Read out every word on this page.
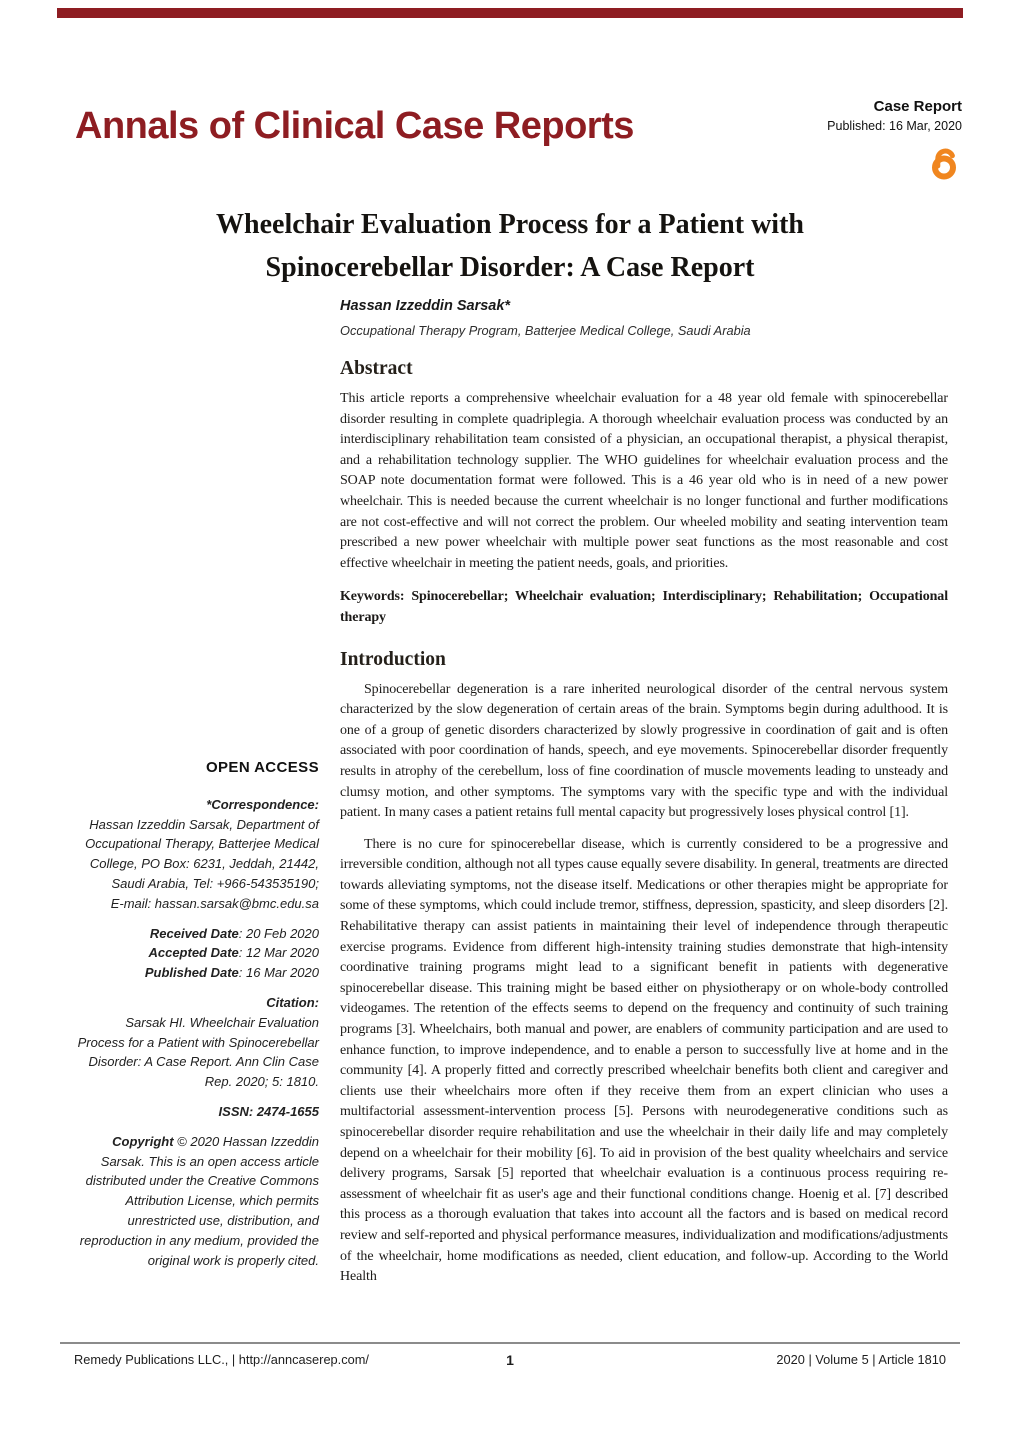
Annals of Clinical Case Reports	Case Report
Published: 16 Mar, 2020
Wheelchair Evaluation Process for a Patient with
Spinocerebellar Disorder: A Case Report
Hassan Izzeddin Sarsak*
Occupational Therapy Program, Batterjee Medical College, Saudi Arabia
Abstract

This article reports a comprehensive wheelchair evaluation for a 48 year old female with spinocerebellar disorder resulting in complete quadriplegia. A thorough wheelchair evaluation process was conducted by an interdisciplinary rehabilitation team consisted of a physician, an occupational therapist, a physical therapist, and a rehabilitation technology supplier. The WHO guidelines for wheelchair evaluation process and the SOAP note documentation format were followed. This is a 46 year old who is in need of a new power wheelchair. This is needed because the current wheelchair is no longer functional and further modifications are not cost-effective and will not correct the problem. Our wheeled mobility and seating intervention team prescribed a new power wheelchair with multiple power seat functions as the most reasonable and cost effective wheelchair in meeting the patient needs, goals, and priorities.

Keywords: Spinocerebellar; Wheelchair evaluation; Interdisciplinary; Rehabilitation; Occupational therapy

Introduction

Spinocerebellar degeneration is a rare inherited neurological disorder of the central nervous system characterized by the slow degeneration of certain areas of the brain. Symptoms begin during adulthood. It is one of a group of genetic disorders characterized by slowly progressive in coordination of gait and is often associated with poor coordination of hands, speech, and eye movements. Spinocerebellar disorder frequently results in atrophy of the cerebellum, loss of fine coordination of muscle movements leading to unsteady and clumsy motion, and other symptoms. The symptoms vary with the specific type and with the individual patient. In many cases a patient retains full mental capacity but progressively loses physical control [1].

There is no cure for spinocerebellar disease, which is currently considered to be a progressive and irreversible condition, although not all types cause equally severe disability. In general, treatments are directed towards alleviating symptoms, not the disease itself. Medications or other therapies might be appropriate for some of these symptoms, which could include tremor, stiffness, depression, spasticity, and sleep disorders [2]. Rehabilitative therapy can assist patients in maintaining their level of independence through therapeutic exercise programs. Evidence from different high-intensity training studies demonstrate that high-intensity coordinative training programs might lead to a significant benefit in patients with degenerative spinocerebellar disease. This training might be based either on physiotherapy or on whole-body controlled videogames. The retention of the effects seems to depend on the frequency and continuity of such training programs [3]. Wheelchairs, both manual and power, are enablers of community participation and are used to enhance function, to improve independence, and to enable a person to successfully live at home and in the community [4]. A properly fitted and correctly prescribed wheelchair benefits both client and caregiver and clients use their wheelchairs more often if they receive them from an expert clinician who uses a multifactorial assessment-intervention process [5]. Persons with neurodegenerative conditions such as spinocerebellar disorder require rehabilitation and use the wheelchair in their daily life and may completely depend on a wheelchair for their mobility [6]. To aid in provision of the best quality wheelchairs and service delivery programs, Sarsak [5] reported that wheelchair evaluation is a continuous process requiring re-assessment of wheelchair fit as user's age and their functional conditions change. Hoenig et al. [7] described this process as a thorough evaluation that takes into account all the factors and is based on medical record review and self-reported and physical performance measures, individualization and modifications/adjustments of the wheelchair, home modifications as needed, client education, and follow-up. According to the World Health

OPEN ACCESS
*Correspondence:
Hassan Izzeddin Sarsak, Department of Occupational Therapy, Batterjee Medical College, PO Box: 6231, Jeddah, 21442, Saudi Arabia, Tel: +966-543535190;
E-mail: hassan.sarsak@bmc.edu.sa
Received Date: 20 Feb 2020
Accepted Date: 12 Mar 2020
Published Date: 16 Mar 2020
Citation:
Sarsak HI. Wheelchair Evaluation Process for a Patient with Spinocerebellar Disorder: A Case Report. Ann Clin Case Rep. 2020; 5: 1810.
ISSN: 2474-1655
Copyright © 2020 Hassan Izzeddin Sarsak. This is an open access article distributed under the Creative Commons Attribution License, which permits unrestricted use, distribution, and reproduction in any medium, provided the original work is properly cited.
Remedy Publications LLC., | http://anncaserep.com/	1	2020 | Volume 5 | Article 1810
